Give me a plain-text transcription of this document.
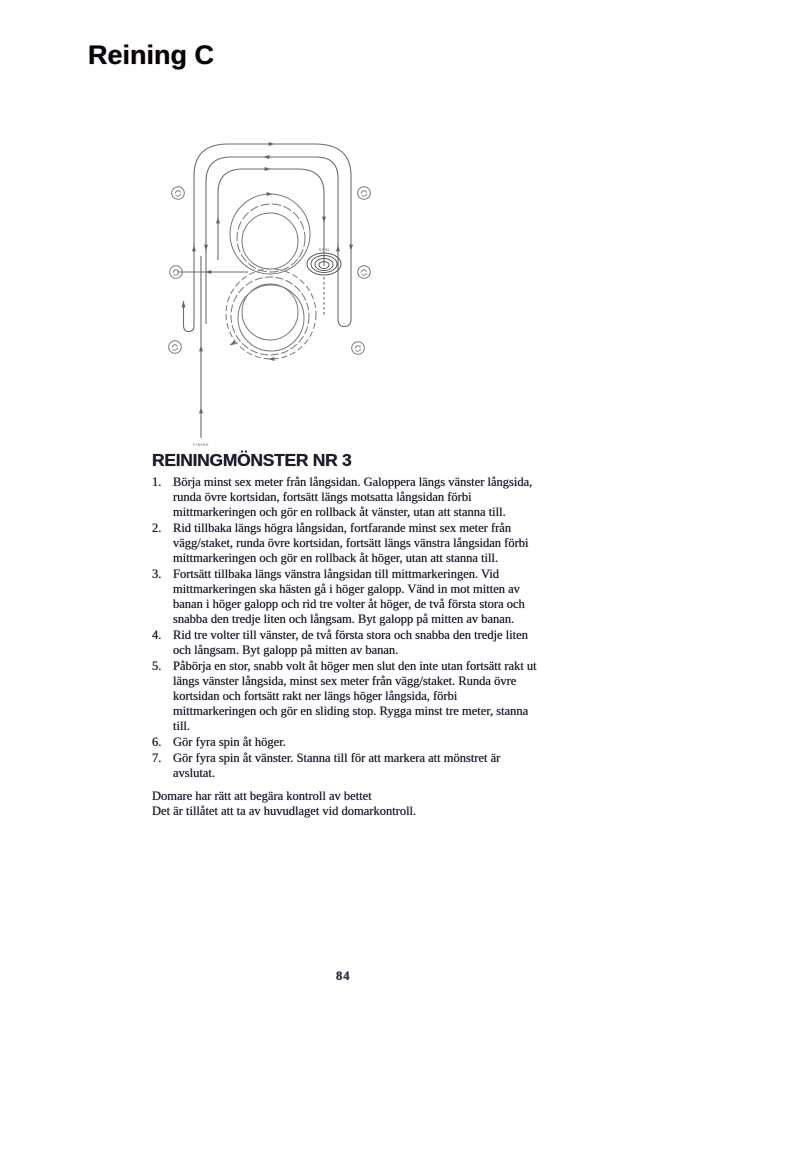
Reining C
SPIN
FINISH
REININGMÖNSTER NR 3
1. Börja minst sex meter från långsidan. Galoppera längs vänster långsida, runda övre kortsidan, fortsätt längs motsatta långsidan förbi mittmarkeringen och gör en rollback åt vänster, utan att stanna till.
2. Rid tillbaka längs högra långsidan, fortfarande minst sex meter från vägg/staket, runda övre kortsidan, fortsätt längs vänstra långsidan förbi mittmarkeringen och gör en rollback åt höger, utan att stanna till.
3. Fortsätt tillbaka längs vänstra långsidan till mittmarkeringen. Vid mittmarkeringen ska hästen gå i höger galopp. Vänd in mot mitten av banan i höger galopp och rid tre volter åt höger, de två första stora och snabba den tredje liten och långsam. Byt galopp på mitten av banan.
4. Rid tre volter till vänster, de två första stora och snabba den tredje liten och långsam. Byt galopp på mitten av banan.
5. Påbörja en stor, snabb volt åt höger men slut den inte utan fortsätt rakt ut längs vänster långsida, minst sex meter från vägg/staket. Runda övre kortsidan och fortsätt rakt ner längs höger långsida, förbi mittmarkeringen och gör en sliding stop. Rygga minst tre meter, stanna till.
6. Gör fyra spin åt höger.
7. Gör fyra spin åt vänster. Stanna till för att markera att mönstret är avslutat.

Domare har rätt att begära kontroll av bettet

Det är tillåtet att ta av huvudlaget vid domarkontroll.

84
